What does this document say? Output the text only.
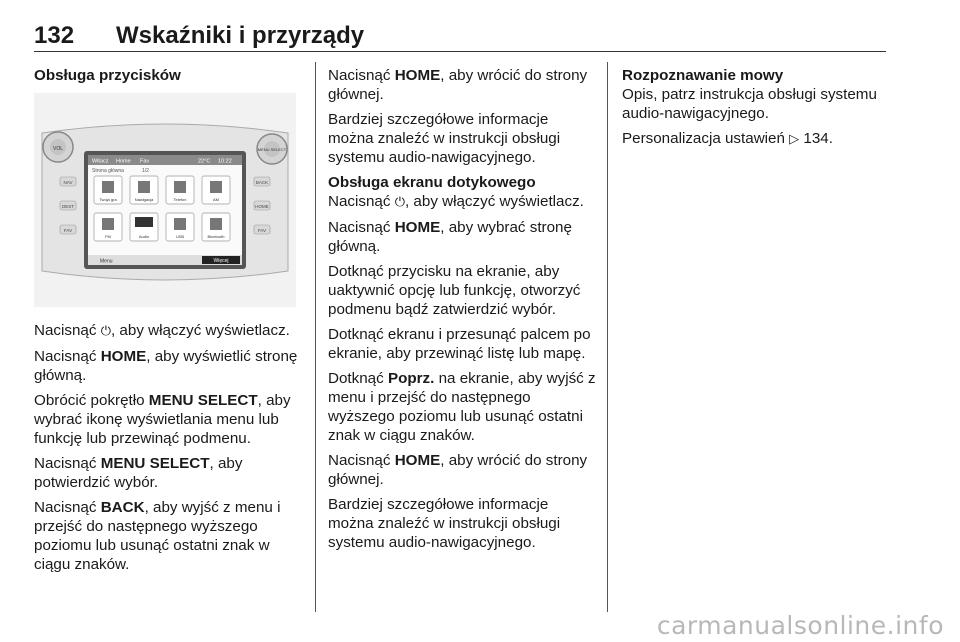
132 Wskaźniki i przyrządy
Obsługa przycisków
VOL	MENU SELECT
NAV
DEST
FAV
BACK
HOME
FAV
Witacz Home Fav	22°C 10:22
Strona główna	1/2
Twoja gra	Nawigacja	Telefon	AM
FM	Audio	USB	Bluetooth
Menu	Więcej

Nacisnąć ⏻, aby włączyć wyświetlacz.

Nacisnąć HOME, aby wyświetlić stronę główną.

Obrócić pokrętło MENU SELECT, aby wybrać ikonę wyświetlania menu lub funkcję lub przewinąć podmenu.

Nacisnąć MENU SELECT, aby potwierdzić wybór.

Nacisnąć BACK, aby wyjść z menu i przejść do następnego wyższego poziomu lub usunąć ostatni znak w ciągu znaków.

Nacisnąć HOME, aby wrócić do strony głównej.

Bardziej szczegółowe informacje można znaleźć w instrukcji obsługi systemu audio-nawigacyjnego.

Obsługa ekranu dotykowego

Nacisnąć ⏻, aby włączyć wyświetlacz.

Nacisnąć HOME, aby wybrać stronę główną.

Dotknąć przycisku na ekranie, aby uaktywnić opcję lub funkcję, otworzyć podmenu bądź zatwierdzić wybór.

Dotknąć ekranu i przesunąć palcem po ekranie, aby przewinąć listę lub mapę.

Dotknąć Poprz. na ekranie, aby wyjść z menu i przejść do następnego wyższego poziomu lub usunąć ostatni znak w ciągu znaków.

Nacisnąć HOME, aby wrócić do strony głównej.

Bardziej szczegółowe informacje można znaleźć w instrukcji obsługi systemu audio-nawigacyjnego.

Rozpoznawanie mowy

Opis, patrz instrukcja obsługi systemu audio-nawigacyjnego.

Personalizacja ustawień ▷ 134.

carmanualsonline.info
